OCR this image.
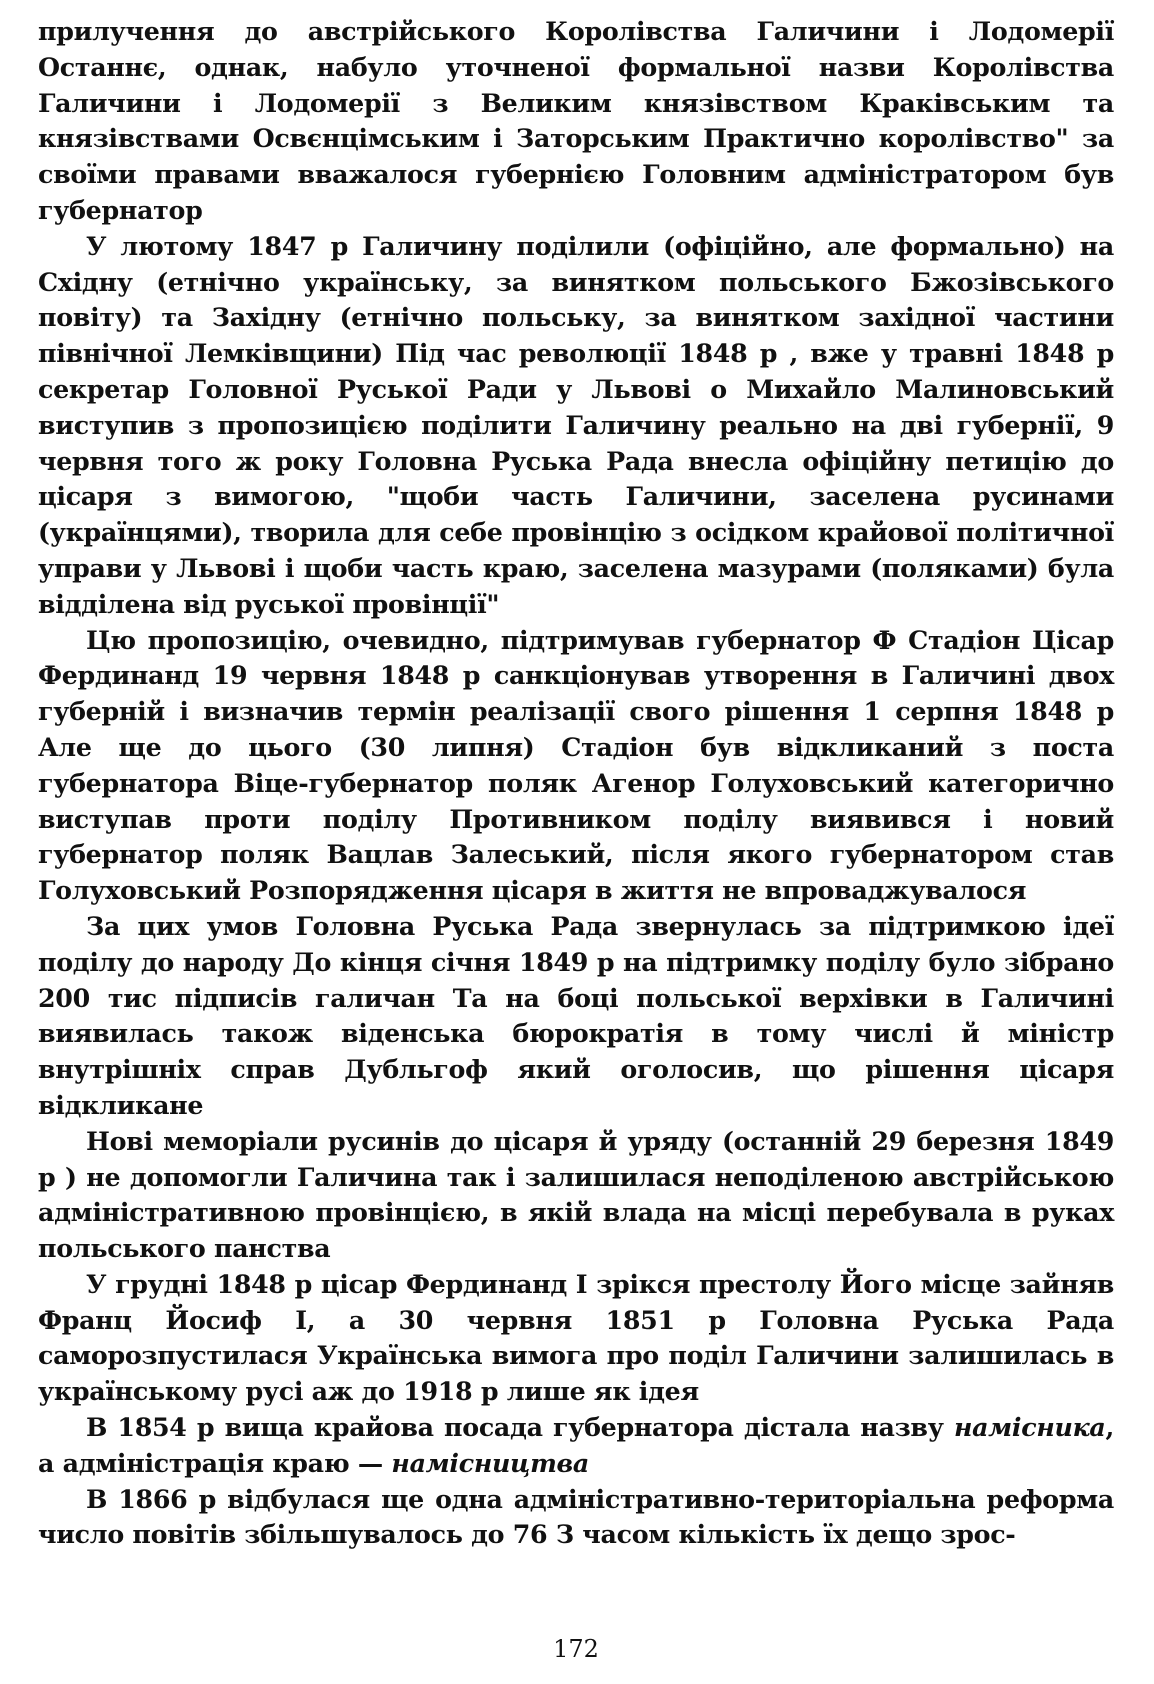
прилучення до австрійського Королівства Галичини і Лодомерії Останнє, однак, набуло уточненої формальної назви Королівства Галичини і Лодомерії з Великим князівством Краківським та князівствами Освєнцімським і Заторським Практично королівство" за своїми правами вважалося губернією Головним адміністратором був губернатор

У лютому 1847 р Галичину поділили (офіційно, але формально) на Східну (етнічно українську, за винятком польського Бжозівського повіту) та Західну (етнічно польську, за винятком західної частини північної Лемківщини) Під час революції 1848 р , вже у травні 1848 р секретар Головної Руської Ради у Львові о Михайло Малиновський виступив з пропозицією поділити Галичину реально на дві губернії, 9 червня того ж року Головна Руська Рада внесла офіційну петицію до цісаря з вимогою, "щоби часть Галичини, заселена русинами (українцями), творила для себе провінцію з осідком крайової політичної управи у Львові і щоби часть краю, заселена мазурами (поляками) була відділена від руської провінції"

Цю пропозицію, очевидно, підтримував губернатор Ф Стадіон Цісар Фердинанд 19 червня 1848 р санкціонував утворення в Галичині двох губерній і визначив термін реалізації свого рішення 1 серпня 1848 р Але ще до цього (30 липня) Стадіон був відкликаний з поста губернатора Віце-губернатор поляк Агенор Голуховський категорично виступав проти поділу Противником поділу виявився і новий губернатор поляк Вацлав Залеський, після якого губернатором став Голуховський Розпорядження цісаря в життя не впроваджувалося

За цих умов Головна Руська Рада звернулась за підтримкою ідеї поділу до народу До кінця січня 1849 р на підтримку поділу було зібрано 200 тис підписів галичан Та на боці польської верхівки в Галичині виявилась також віденська бюрократія в тому числі й міністр внутрішніх справ Дубльгоф який оголосив, що рішення цісаря відкликане

Нові меморіали русинів до цісаря й уряду (останній 29 березня 1849 р ) не допомогли Галичина так і залишилася неподіленою австрійською адміністративною провінцією, в якій влада на місці перебувала в руках польського панства

У грудні 1848 р цісар Фердинанд І зрікся престолу Його місце зайняв Франц Йосиф І, а 30 червня 1851 р Головна Руська Рада саморозпустилася Українська вимога про поділ Галичини залишилась в українському русі аж до 1918 р лише як ідея

В 1854 р вища крайова посада губернатора дістала назву намісника, а адміністрація краю — намісництва

В 1866 р відбулася ще одна адміністративно-територіальна реформа число повітів збільшувалось до 76 З часом кількість їх дещо зрос-

172
